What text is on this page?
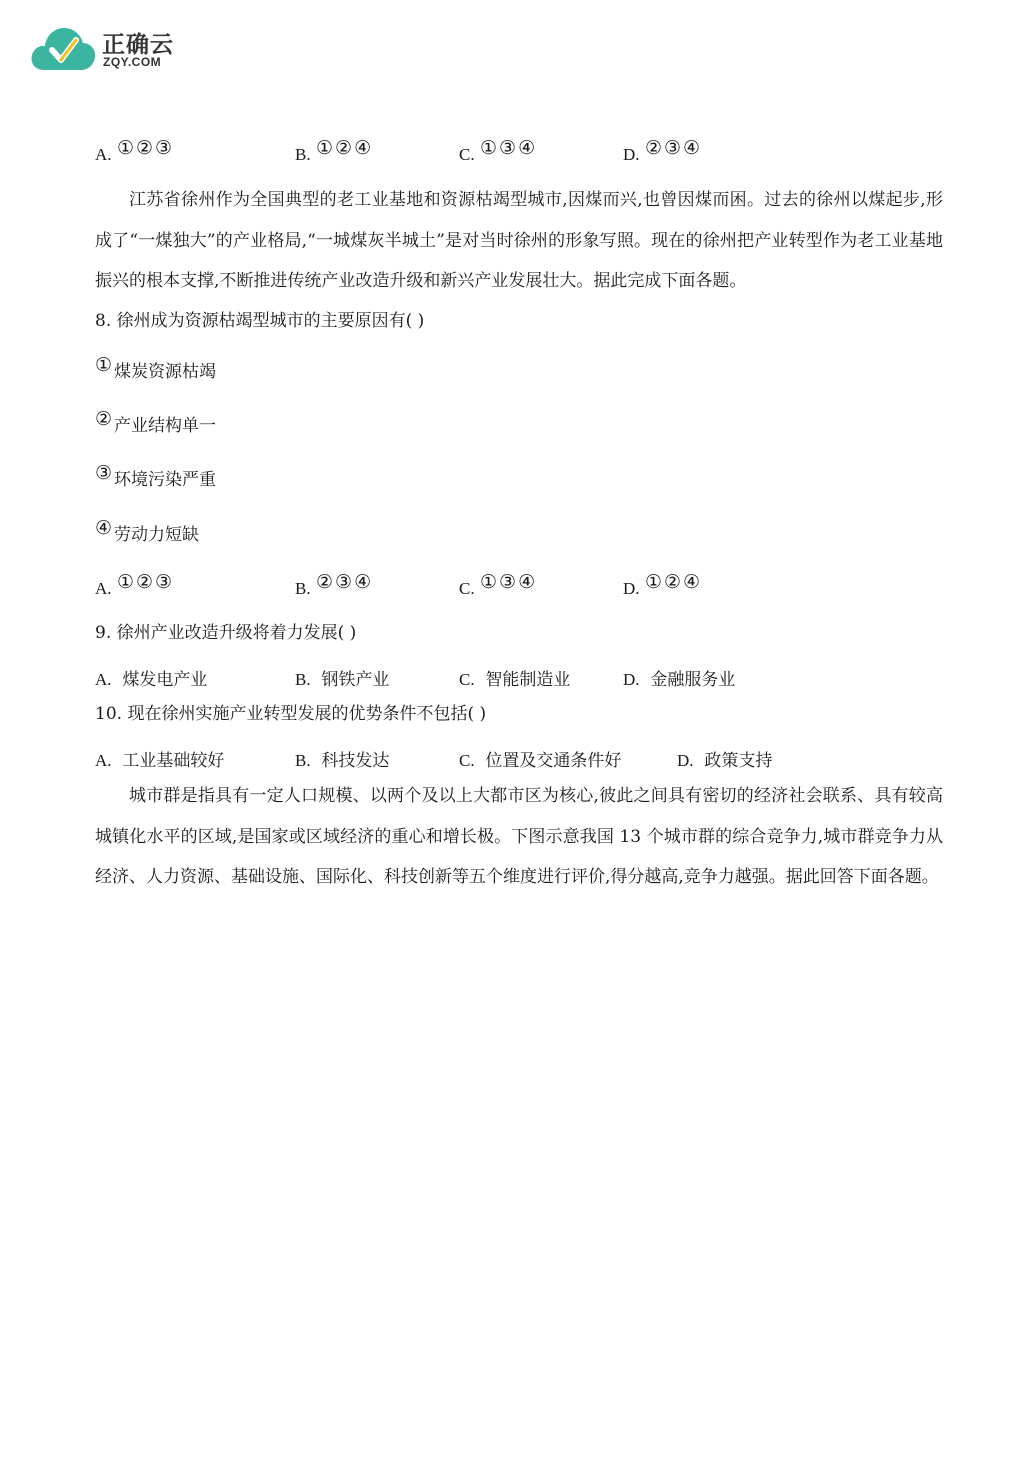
正确云
ZQY.COM
A. ①②③	B. ①②④	C. ①③④	D. ②③④

江苏省徐州作为全国典型的老工业基地和资源枯竭型城市,因煤而兴,也曾因煤而困。过去的徐州以煤起步,形成了“一煤独大”的产业格局,“一城煤灰半城土”是对当时徐州的形象写照。现在的徐州把产业转型作为老工业基地振兴的根本支撑,不断推进传统产业改造升级和新兴产业发展壮大。据此完成下面各题。

8. 徐州成为资源枯竭型城市的主要原因有( )
① 煤炭资源枯竭
② 产业结构单一
③ 环境污染严重
④ 劳动力短缺
A. ①②③	B. ②③④	C. ①③④	D. ①②④
9. 徐州产业改造升级将着力发展( )
A. 煤发电产业	B. 钢铁产业	C. 智能制造业	D. 金融服务业
10. 现在徐州实施产业转型发展的优势条件不包括( )
A. 工业基础较好	B. 科技发达	C. 位置及交通条件好	D. 政策支持

城市群是指具有一定人口规模、以两个及以上大都市区为核心,彼此之间具有密切的经济社会联系、具有较高城镇化水平的区域,是国家或区域经济的重心和增长极。下图示意我国 13 个城市群的综合竞争力,城市群竞争力从经济、人力资源、基础设施、国际化、科技创新等五个维度进行评价,得分越高,竞争力越强。据此回答下面各题。
